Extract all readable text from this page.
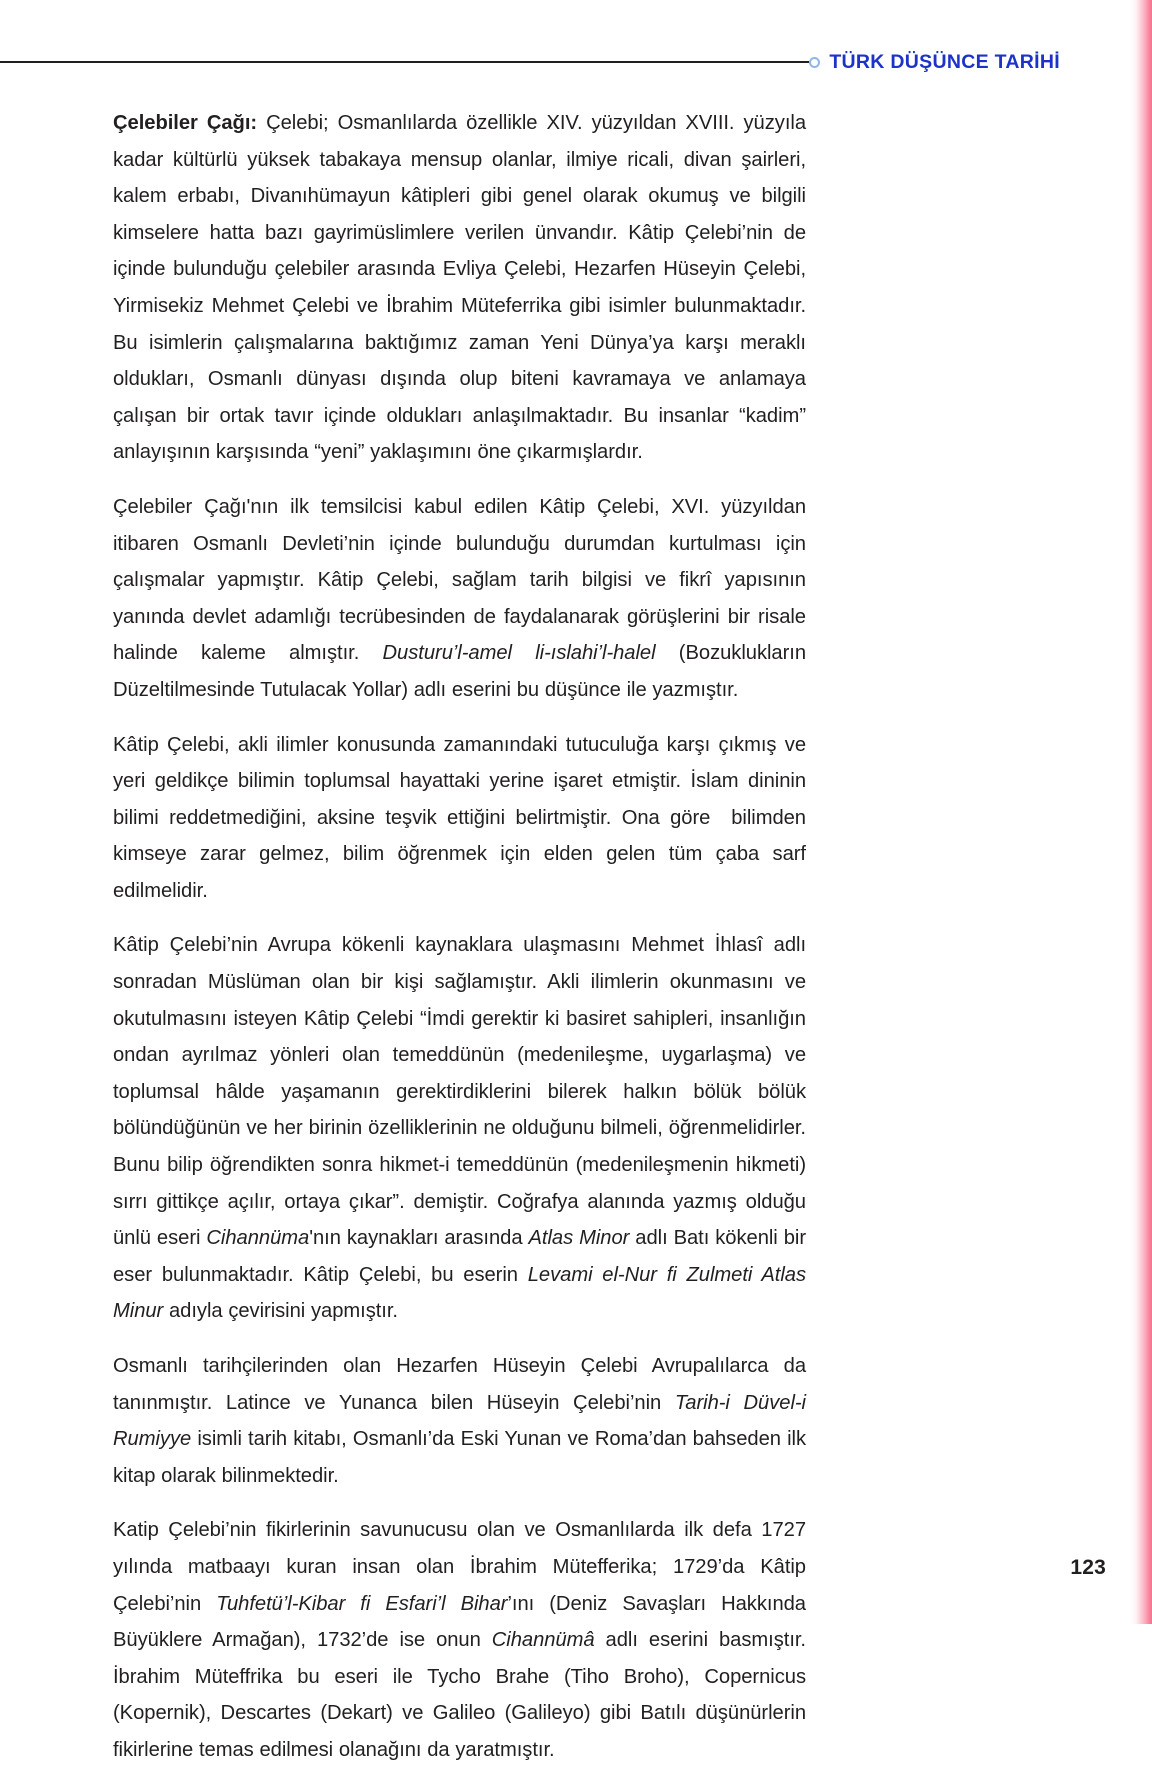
TÜRK DÜŞÜNCE TARİHİ

Çelebiler Çağı: Çelebi; Osmanlılarda özellikle XIV. yüzyıldan XVIII. yüzyıla kadar kültürlü yüksek tabakaya mensup olanlar, ilmiye ricali, divan şairleri, kalem erbabı, Divanıhümayun kâtipleri gibi genel olarak okumuş ve bilgili kimselere hatta bazı gayrimüslimlere verilen ünvandır. Kâtip Çelebi’nin de içinde bulunduğu çelebiler arasında Evliya Çelebi, Hezarfen Hüseyin Çelebi, Yirmisekiz Mehmet Çelebi ve İbrahim Müteferrika gibi isimler bulunmaktadır. Bu isimlerin çalışmalarına baktığımız zaman Yeni Dünya’ya karşı meraklı oldukları, Osmanlı dünyası dışında olup biteni kavramaya ve anlamaya çalışan bir ortak tavır içinde oldukları anlaşılmaktadır. Bu insanlar “kadim” anlayışının karşısında “yeni” yaklaşımını öne çıkarmışlardır.

Çelebiler Çağı'nın ilk temsilcisi kabul edilen Kâtip Çelebi, XVI. yüzyıldan itibaren Osmanlı Devleti’nin içinde bulunduğu durumdan kurtulması için çalışmalar yapmıştır. Kâtip Çelebi, sağlam tarih bilgisi ve fikrî yapısının yanında devlet adamlığı tecrübesinden de faydalanarak görüşlerini bir risale halinde kaleme almıştır. Dusturu’l-amel li-ıslahi’l-halel (Bozuklukların Düzeltilmesinde Tutulacak Yollar) adlı eserini bu düşünce ile yazmıştır.

Kâtip Çelebi, akli ilimler konusunda zamanındaki tutuculuğa karşı çıkmış ve yeri geldikçe bilimin toplumsal hayattaki yerine işaret etmiştir. İslam dininin bilimi reddetmediğini, aksine teşvik ettiğini belirtmiştir. Ona göre  bilimden kimseye zarar gelmez, bilim öğrenmek için elden gelen tüm çaba sarf edilmelidir.

Kâtip Çelebi’nin Avrupa kökenli kaynaklara ulaşmasını Mehmet İhlasî adlı sonradan Müslüman olan bir kişi sağlamıştır. Akli ilimlerin okunmasını ve okutulmasını isteyen Kâtip Çelebi “İmdi gerektir ki basiret sahipleri, insanlığın ondan ayrılmaz yönleri olan temeddünün (medenileşme, uygarlaşma) ve toplumsal hâlde yaşamanın gerektirdiklerini bilerek halkın bölük bölük bölündüğünün ve her birinin özelliklerinin ne olduğunu bilmeli, öğrenmelidirler. Bunu bilip öğrendikten sonra hikmet-i temeddünün (medenileşmenin hikmeti) sırrı gittikçe açılır, ortaya çıkar”. demiştir. Coğrafya alanında yazmış olduğu ünlü eseri Cihannüma'nın kaynakları arasında Atlas Minor adlı Batı kökenli bir eser bulunmaktadır. Kâtip Çelebi, bu eserin Levami el-Nur fi Zulmeti Atlas Minur adıyla çevirisini yapmıştır.

Osmanlı tarihçilerinden olan Hezarfen Hüseyin Çelebi Avrupalılarca da tanınmıştır. Latince ve Yunanca bilen Hüseyin Çelebi’nin Tarih-i Düvel-i Rumiyye isimli tarih kitabı, Osmanlı’da Eski Yunan ve Roma’dan bahseden ilk kitap olarak bilinmektedir.

Katip Çelebi’nin fikirlerinin savunucusu olan ve Osmanlılarda ilk defa 1727 yılında matbaayı kuran insan olan İbrahim Mütefferika; 1729’da Kâtip Çelebi’nin Tuhfetü’l-Kibar fi Esfari’l Bihar’ını (Deniz Savaşları Hakkında Büyüklere Armağan), 1732’de ise onun Cihannümâ adlı eserini basmıştır. İbrahim Müteffrika bu eseri ile Tycho Brahe (Tiho Broho), Copernicus (Kopernik), Descartes (Dekart) ve Galileo (Galileyo) gibi Batılı düşünürlerin fikirlerine temas edilmesi olanağını da yaratmıştır.

123
